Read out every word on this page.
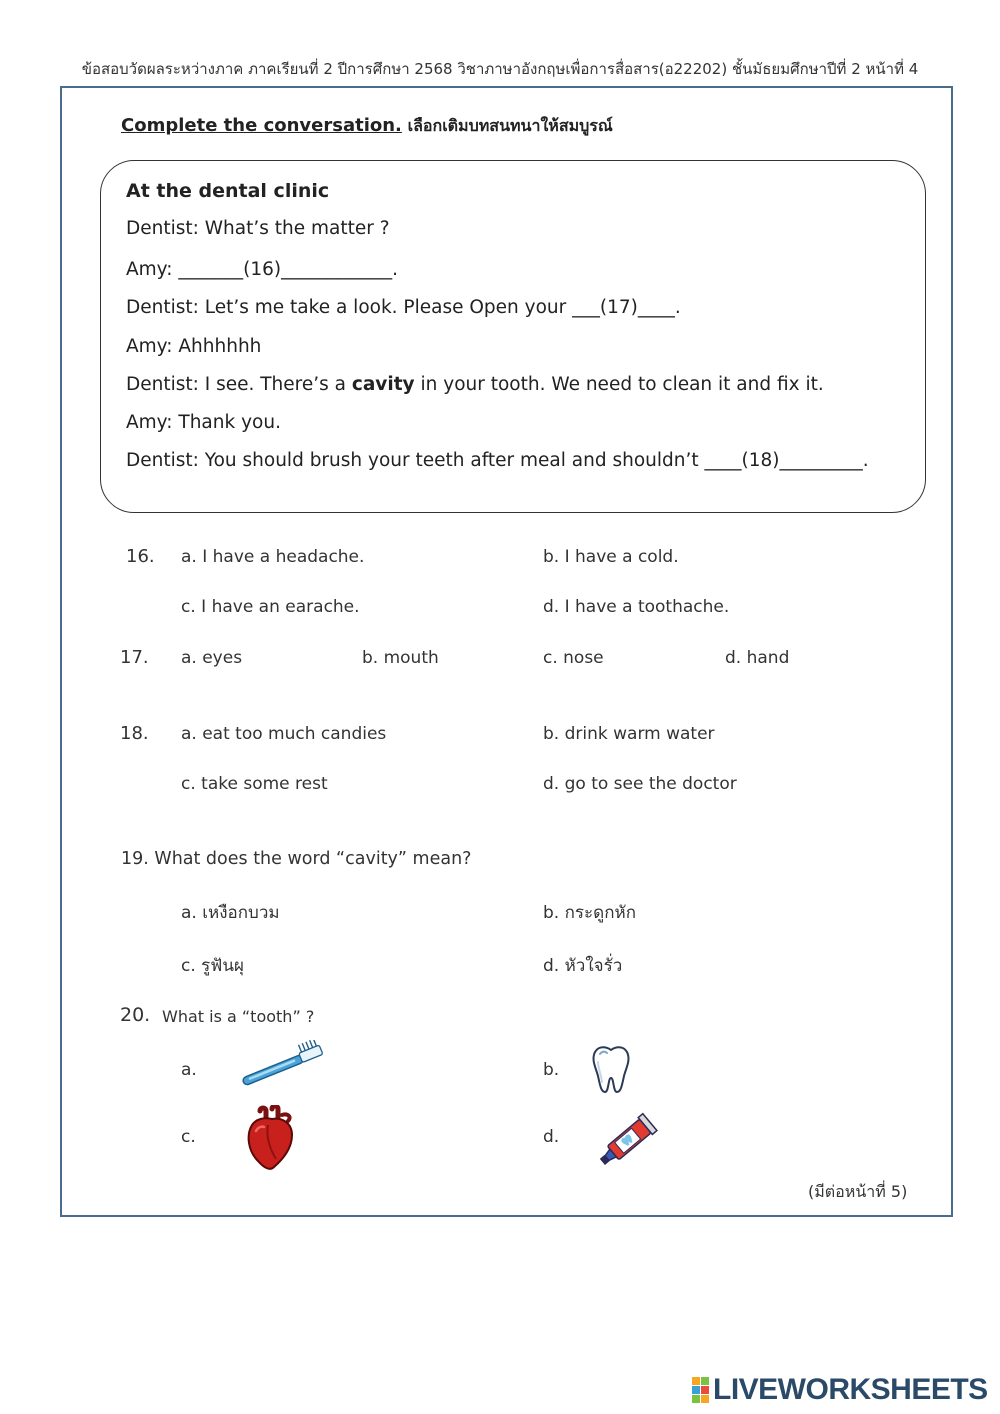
ข้อสอบวัดผลระหว่างภาค ภาคเรียนที่ 2 ปีการศึกษา 2568 วิชาภาษาอังกฤษเพื่อการสื่อสาร(อ22202) ชั้นมัธยมศึกษาปีที่ 2 หน้าที่ 4
Complete the conversation. เลือกเติมบทสนทนาให้สมบูรณ์
At the dental clinic
Dentist: What’s the matter ?
Amy: _______(16)____________.
Dentist: Let’s me take a look. Please Open your ___(17)____.
Amy: Ahhhhhh
Dentist: I see. There’s a cavity in your tooth. We need to clean it and fix it.
Amy: Thank you.
Dentist: You should brush your teeth after meal and shouldn’t ____(18)_________.
16. a. I have a headache.	b. I have a cold.
c. I have an earache.	d. I have a toothache.
17. a. eyes	b. mouth	c. nose	d. hand
18. a. eat too much candies	b. drink warm water
c. take some rest	d. go to see the doctor
19. What does the word “cavity” mean?
a. เหงือกบวม	b. กระดูกหัก
c. รูฟันผุ	d. หัวใจรั่ว
20. What is a “tooth” ?
a.	b.
c.	d.
(มีต่อหน้าที่ 5)
LIVEWORKSHEETS
